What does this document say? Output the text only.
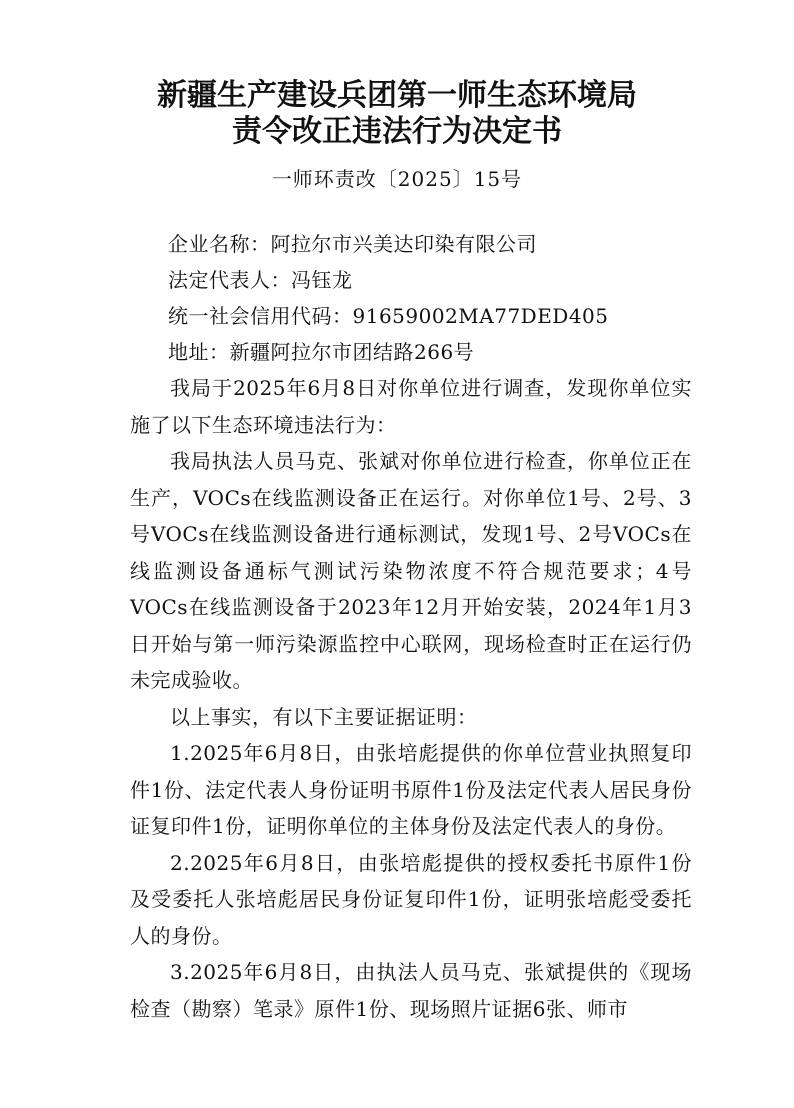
新疆生产建设兵团第一师生态环境局
责令改正违法行为决定书
一师环责改〔2025〕15号
企业名称：阿拉尔市兴美达印染有限公司
法定代表人：冯钰龙
统一社会信用代码：91659002MA77DED405
地址：新疆阿拉尔市团结路266号

我局于2025年6月8日对你单位进行调查，发现你单位实施了以下生态环境违法行为：

我局执法人员马克、张斌对你单位进行检查，你单位正在生产，VOCs在线监测设备正在运行。对你单位1号、2号、3号VOCs在线监测设备进行通标测试，发现1号、2号VOCs在线监测设备通标气测试污染物浓度不符合规范要求；4号VOCs在线监测设备于2023年12月开始安装，2024年1月3日开始与第一师污染源监控中心联网，现场检查时正在运行仍未完成验收。

以上事实，有以下主要证据证明：

1.2025年6月8日，由张培彪提供的你单位营业执照复印件1份、法定代表人身份证明书原件1份及法定代表人居民身份证复印件1份，证明你单位的主体身份及法定代表人的身份。

2.2025年6月8日，由张培彪提供的授权委托书原件1份及受委托人张培彪居民身份证复印件1份，证明张培彪受委托人的身份。

3.2025年6月8日，由执法人员马克、张斌提供的《现场检查（勘察）笔录》原件1份、现场照片证据6张、师市
